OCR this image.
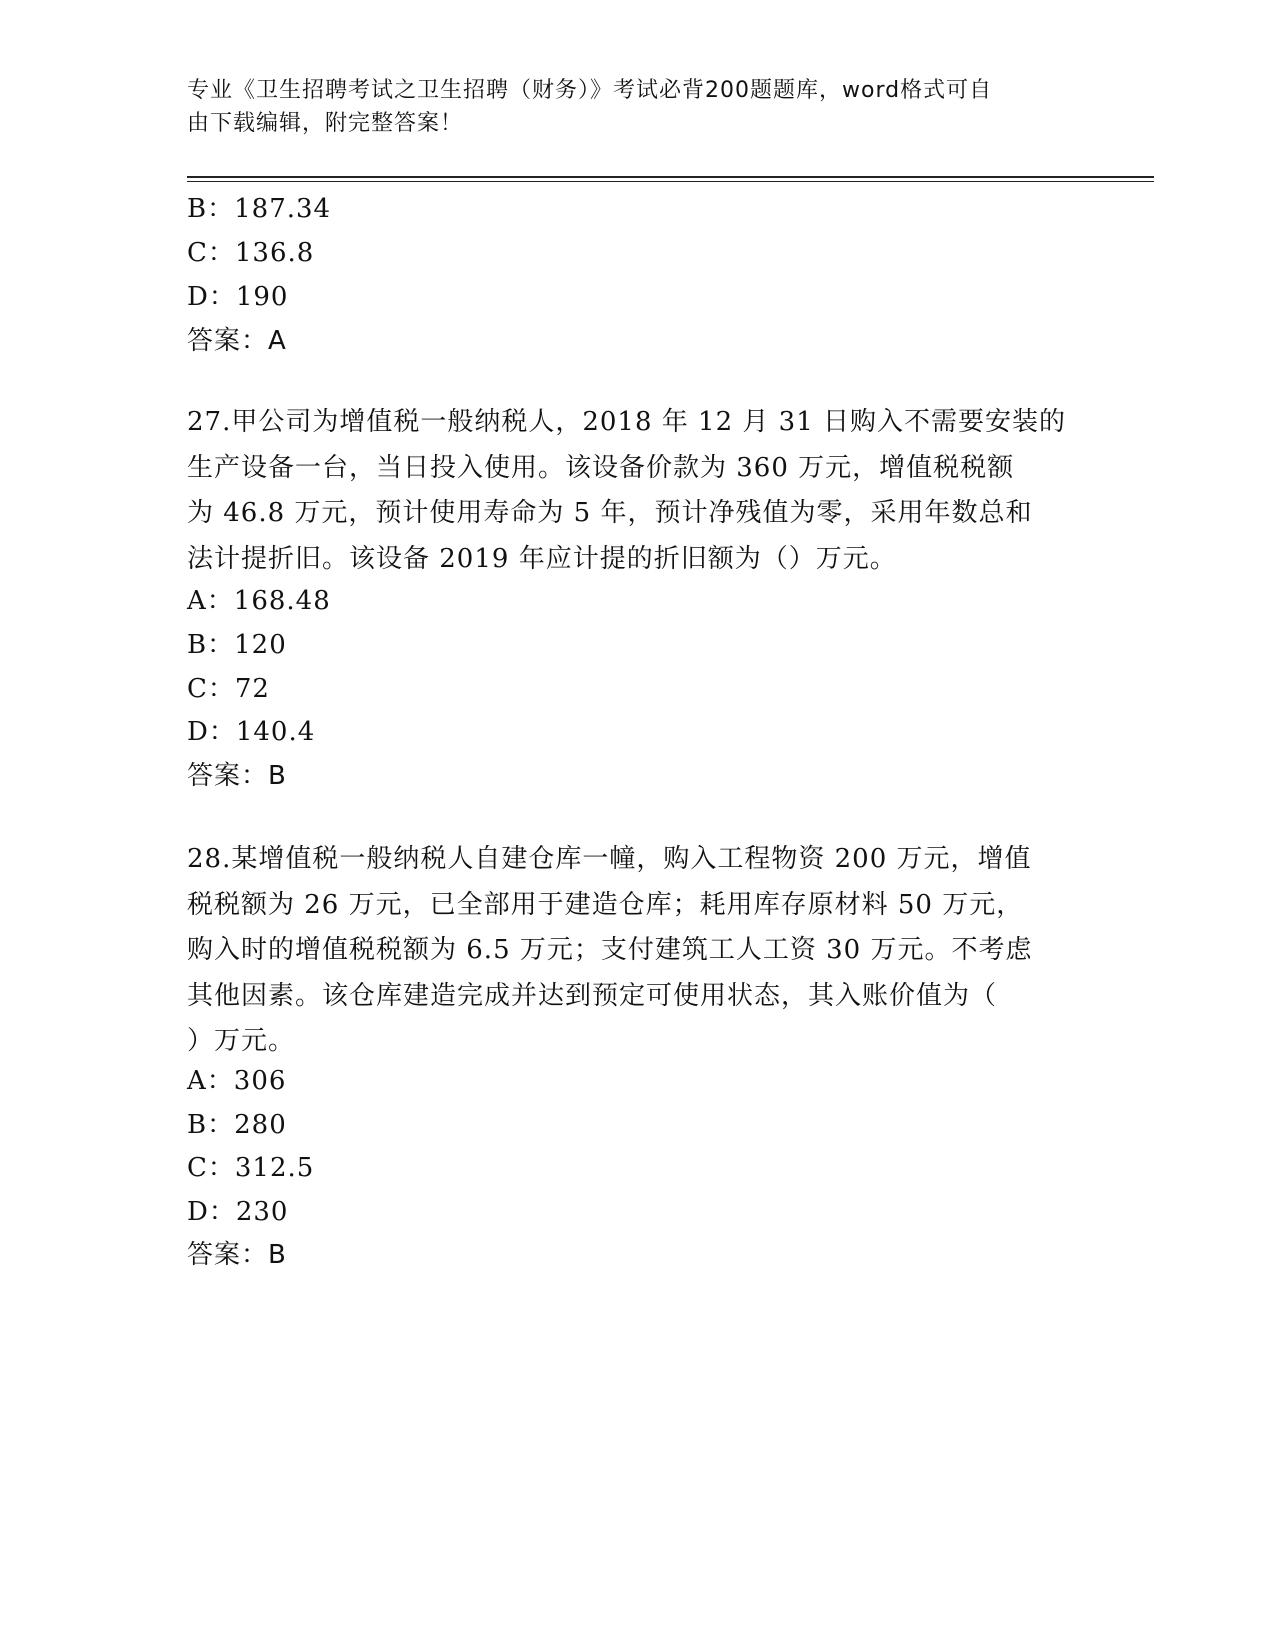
专业《卫生招聘考试之卫生招聘（财务）》考试必背200题题库，word格式可自
由下载编辑，附完整答案！
B：187.34
C：136.8
D：190
答案：A
27.甲公司为增值税一般纳税人，2018 年 12 月 31 日购入不需要安装的
生产设备一台，当日投入使用。该设备价款为 360 万元，增值税税额
为 46.8 万元，预计使用寿命为 5 年，预计净残值为零，采用年数总和
法计提折旧。该设备 2019 年应计提的折旧额为（）万元。
A：168.48
B：120
C：72
D：140.4
答案：B
28.某增值税一般纳税人自建仓库一幢，购入工程物资 200 万元，增值
税税额为 26 万元，已全部用于建造仓库；耗用库存原材料 50 万元，
购入时的增值税税额为 6.5 万元；支付建筑工人工资 30 万元。不考虑
其他因素。该仓库建造完成并达到预定可使用状态，其入账价值为（
）万元。
A：306
B：280
C：312.5
D：230
答案：B
